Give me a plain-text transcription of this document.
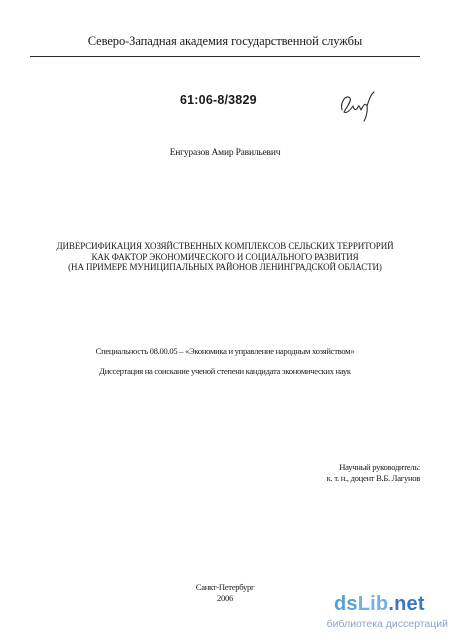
Северо-Западная академия государственной службы
61:06-8/3829
Енгуразов Амир Равильевич
ДИВЕРСИФИКАЦИЯ ХОЗЯЙСТВЕННЫХ КОМПЛЕКСОВ СЕЛЬСКИХ ТЕРРИТОРИЙ
КАК ФАКТОР ЭКОНОМИЧЕСКОГО И СОЦИАЛЬНОГО РАЗВИТИЯ
(НА ПРИМЕРЕ МУНИЦИПАЛЬНЫХ РАЙОНОВ ЛЕНИНГРАДСКОЙ ОБЛАСТИ)
Специальность 08.00.05 – «Экономика и управление народным хозяйством»
Диссертация на соискание ученой степени кандидата экономических наук
Научный руководитель:
к. т. н., доцент В.Б. Лагунов
Санкт-Петербург
2006	dsLib.net
библиотека диссертаций
